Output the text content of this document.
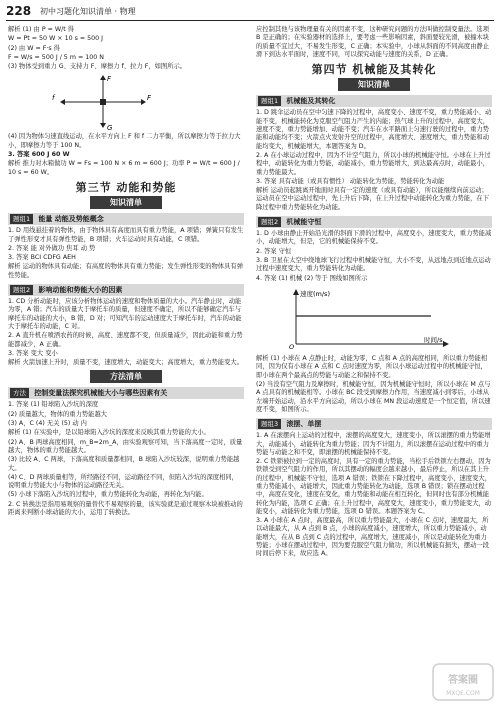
228 初中习题化知识清单 · 物理

解析 (1) 由 P = W/t 得

W = Pt = 50 W × 10 s = 500 J

(2) 由 W = F·s 得

F = W/s = 500 J / 5 m = 100 N

(3) 物体受到重力 G、支持力 F、摩擦力 f、拉力 F，如图所示。

f
F
F
G

(4) 因为物体匀速直线运动，在水平方向上 F 和 f 二力平衡，所以摩擦力等于拉力大小，即摩擦力等于 100 N。

3. 答案 600 J 60 W

解析 推力对木箱做功 W = Fs = 100 N × 6 m = 600 J；功率 P = W/t = 600 J / 10 s = 60 W。

第三节 动能和势能
知识清单
题组1 能量 动能及势能概念

1. D 用线悬挂着的物体，由于物体具有高度而具有重力势能，A 项错；弹簧只有发生了弹性形变才具有弹性势能，B 项错；火车运动时具有动能，C 项错。

2. 答案 能 对外做功 焦耳 动 势

3. 答案 BCI CDFG AEH

解析 运动的物体具有动能；有高度的物体具有重力势能；发生弹性形变的物体具有弹性势能。

题组2 影响动能和势能大小的因素

1. CD 分析动能时，应该分析物体运动的速度和物体质量的大小。汽车静止时，动能为零，A 错；汽车的质量大于摩托车的质量，但速度不确定，所以不能够确定汽车与摩托车的动能的大小，B 错，D 对；可知汽车的运动速度大于摩托车时，汽车的动能大于摩托车的动能，C 对。

2. A 直升机在喷洒农药的时候，高度、速度都不变，但质量减少，因此动能和重力势能都减少，A 正确。

3. 答案 变大 变小

解析 火箭加速上升时，质量不变，速度增大，动能变大；高度增大，重力势能变大。

方法清单
方法 控制变量法探究机械能大小与哪些因素有关

1. 答案 (1) 铅球陷入沙坑的深度

(2) 质量越大，物体的重力势能越大

(3) A，C (4) 无关 (5) 动 内

解析 (1) 在实验中，是以铅球陷入沙坑的深度来反映其重力势能的大小。

(2) A、B 两球高度相同，m_B=2m_A，由实验观察可知，当下落高度一定时，质量越大，物体的重力势能越大。

(3) 比较 A、C 两球，下落高度和质量都相同，B 球陷入沙坑较深，说明重力势能越大。

(4) C、D 两球质量相等，所经路径不同，运动路径不同，但陷入沙坑的深度相同，说明重力势能大小与物体的运动路径无关。

(5) 小球下落陷入沙坑的过程中，重力势能转化为动能，再转化为内能。

2. C 转换法是指用易观察的量替代不易观察的量，该实验就是通过观察木块被推动的距离来判断小球动能的大小，运用了转换法。

应控制其他与该物理量有关的因素不变，这种研究问题的方法叫做控制变量法。选项 B 是正确的；在实验器材的选择上，要考虑一些影响因素，斜面要较光滑，被撞木块的质量不宜过大，不易发生形变，C 正确；本实验中，小球从斜面的不同高度由静止滑下到达水平面时，速度不同，可以探究动能与速度的关系，D 正确。

第四节 机械能及其转化
知识清单
题组1 机械能及其转化

1. D 跳伞运动员在空中匀速下降的过程中，高度变小、速度不变，重力势能减小、动能不变，机械能转化为克服空气阻力产生的内能；热气球上升的过程中，高度变大，速度不变，重力势能增加、动能不变；汽车在水平路面上匀速行驶的过程中，重力势能和动能均不变；火箭点火发射升空的过程中，高度增大、速度增大，重力势能和动能均变大，机械能增大，本题答案为 D。

2. A 在小球运动过程中，因为不计空气阻力，所以小球的机械能守恒。小球在上升过程中，动能转化为重力势能，动能减小，重力势能增大，到达最高点时，动能最小，重力势能最大。

3. 答案 具有动能（或具有惯性） 动能转化为势能，势能转化为动能

解析 运动员起跳离开地面时具有一定的速度（或具有动能），所以能继续向前运动；运动员在空中运动过程中，先上升后下降，在上升过程中动能转化为重力势能，在下降过程中重力势能转化为动能。

题组2 机械能守恒

1. D 小球由静止开始沿光滑的斜面下滑的过程中，高度变小，速度变大，重力势能减小，动能增大，但是，它的机械能保持不变。

2. 答案 守恒

3. B 卫星在太空中绕地球飞行过程中机械能守恒，大小不变，从远地点到近地点运动过程中速度变大，重力势能转化为动能。

4. 答案 (1) 机械 (2) 等于 图线如图所示

速度(m/s)
时间/s
O

解析 (1) 小球在 A 点静止时，动能为零，C 点和 A 点的高度相同，所以重力势能相同，因为仅有小球在 A 点和 C 点时速度为零，所以小球运动过程中的机械能守恒，即小球在两个最高点的势能与动能之和保持不变。

(2) 当没有空气阻力及摩擦时，机械能守恒，因为机械能守恒时，所以小球在 M 点与 A 点具有的机械能相等。小球在 BC 段受到摩擦力作用，当速度减小到零后，小球从左端开始运动，沿水平方向运动，所以小球在 MN 段运动速度是一个恒定值，所以速度不变，如图所示。

题组3 滚摆、单摆

1. A 在滚摆向上运动的过程中，滚摆的高度变大，速度变小，所以滚摆的重力势能增大，动能减小，动能转化为重力势能；因为不计阻力，所以滚摆在运动过程中的重力势能与动能之和不变，即滚摆的机械能保持不变。

2. C 铁锁被拉到一定的高度时，具有一定的重力势能，当松手后铁锁左右摆动，因为铁锁受到空气阻力的作用，所以其摆动的幅度会越来越小，最后停止，所以在其上升的过程中，机械能不守恒，选项 A 错误；铁锁在下降过程中，高度变小，速度变大，重力势能减小，动能增大，因此重力势能转化为动能，选项 B 错误；锁在摆动过程中，高度在变化，速度在变化，重力势能和动能在相互转化，但同时也有部分机械能转化为内能，选项 C 正确；在上升过程中，高度变大，速度变小，重力势能变大，动能变小，动能转化为重力势能，选项 D 错误。本题答案为 C。

3. A 小球在 A 点时，高度最高，所以重力势能最大，小球在 C 点时，速度最大，所以动能最大，从 A 点到 B 点，小球的高度减小，速度增大，所以重力势能减小，动能增大，在从 B 点到 C 点的过程中，高度增大，速度减小，所以是动能转化为重力势能；小球在摆动过程中，因为要克服空气阻力做功，所以机械能有损失，摆动一段时间后停下来，故应选 A。

答案圈
MXQE.COM
